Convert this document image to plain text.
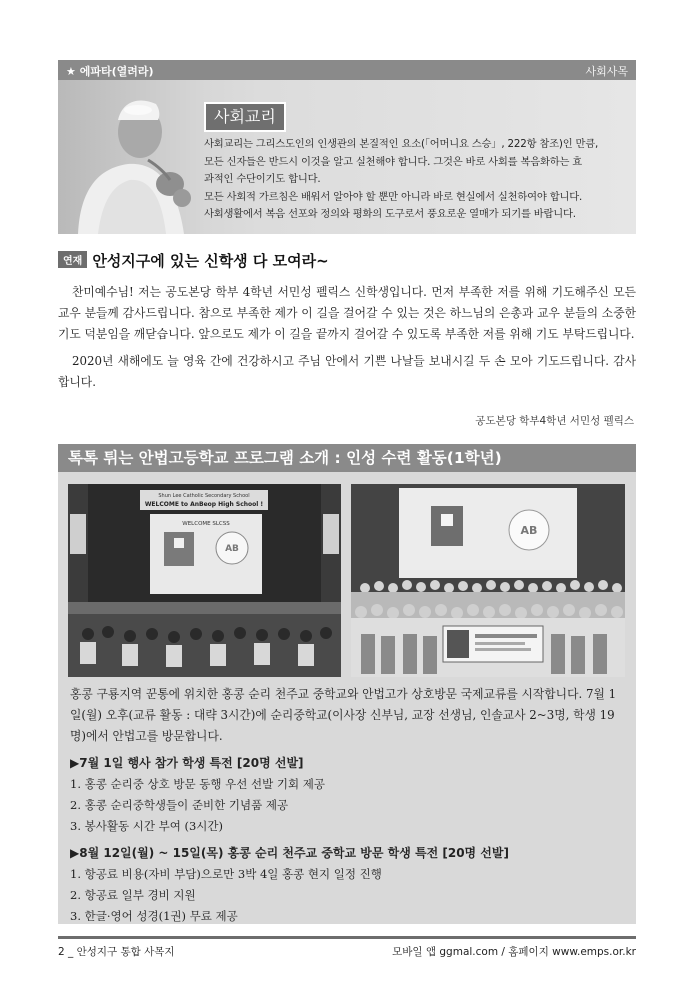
★ 에파타(열려라)	사회사목
사회교리

사회교리는 그리스도인의 인생관의 본질적인 요소(「어머니요 스승」, 222항 참조)인 만큼,

모든 신자들은 반드시 이것을 알고 실천해야 합니다. 그것은 바로 사회를 복음화하는 효

과적인 수단이기도 합니다.

모든 사회적 가르침은 배워서 알아야 할 뿐만 아니라 바로 현실에서 실천하여야 합니다.

사회생활에서 복음 선포와 정의와 평화의 도구로서 풍요로운 열매가 되기를 바랍니다.

연재 안성지구에 있는 신학생 다 모여라~

찬미예수님! 저는 공도본당 학부 4학년 서민성 펠릭스 신학생입니다. 먼저 부족한 저를 위해 기도해주신 모든 교우 분들께 감사드립니다. 참으로 부족한 제가 이 길을 걸어갈 수 있는 것은 하느님의 은총과 교우 분들의 소중한 기도 덕분임을 깨닫습니다. 앞으로도 제가 이 길을 끝까지 걸어갈 수 있도록 부족한 저를 위해 기도 부탁드립니다.

2020년 새해에도 늘 영육 간에 건강하시고 주님 안에서 기쁜 나날들 보내시길 두 손 모아 기도드립니다. 감사합니다.

공도본당 학부4학년 서민성 펠릭스
톡톡 튀는 안법고등학교 프로그램 소개 : 인성 수련 활동(1학년)
Shun Lee Catholic Secondary School
WELCOME to AnBeop High School !
WELCOME SLCSS
AB
AB

홍콩 구룡지역 꾼통에 위치한 홍콩 순리 천주교 중학교와 안법고가 상호방문 국제교류를 시작합니다. 7월 1일(월) 오후(교류 활동 : 대략 3시간)에 순리중학교(이사장 신부님, 교장 선생님, 인솔교사 2~3명, 학생 19명)에서 안법고를 방문합니다.

▶7월 1일 행사 참가 학생 특전 [20명 선발]

1. 홍콩 순리중 상호 방문 동행 우선 선발 기회 제공

2. 홍콩 순리중학생들이 준비한 기념품 제공

3. 봉사활동 시간 부여 (3시간)

▶8월 12일(월) ~ 15일(목) 홍콩 순리 천주교 중학교 방문 학생 특전 [20명 선발]

1. 항공료 비용(자비 부담)으로만 3박 4일 홍콩 현지 일정 진행

2. 항공료 일부 경비 지원

3. 한글·영어 성경(1권) 무료 제공

2 _ 안성지구 통합 사목지	모바일 앱 ggmal.com / 홈페이지 www.emps.or.kr
